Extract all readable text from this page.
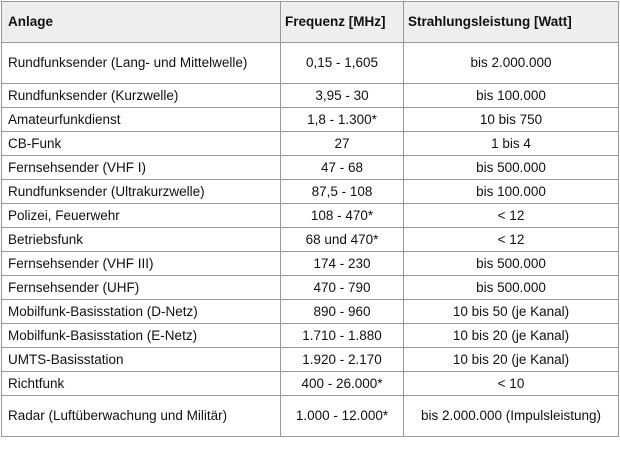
Anlage	Frequenz [MHz]	Strahlungsleistung [Watt]
Rundfunksender (Lang- und Mittelwelle)	0,15 - 1,605	bis 2.000.000
Rundfunksender (Kurzwelle)	3,95 - 30	bis 100.000
Amateurfunkdienst	1,8 - 1.300*	10 bis 750
CB-Funk	27	1 bis 4
Fernsehsender (VHF I)	47 - 68	bis 500.000
Rundfunksender (Ultrakurzwelle)	87,5 - 108	bis 100.000
Polizei, Feuerwehr	108 - 470*	< 12
Betriebsfunk	68 und 470*	< 12
Fernsehsender (VHF III)	174 - 230	bis 500.000
Fernsehsender (UHF)	470 - 790	bis 500.000
Mobilfunk-Basisstation (D-Netz)	890 - 960	10 bis 50 (je Kanal)
Mobilfunk-Basisstation (E-Netz)	1.710 - 1.880	10 bis 20 (je Kanal)
UMTS-Basisstation	1.920 - 2.170	10 bis 20 (je Kanal)
Richtfunk	400 - 26.000*	< 10
Radar (Luftüberwachung und Militär)	1.000 - 12.000*	bis 2.000.000 (Impulsleistung)
